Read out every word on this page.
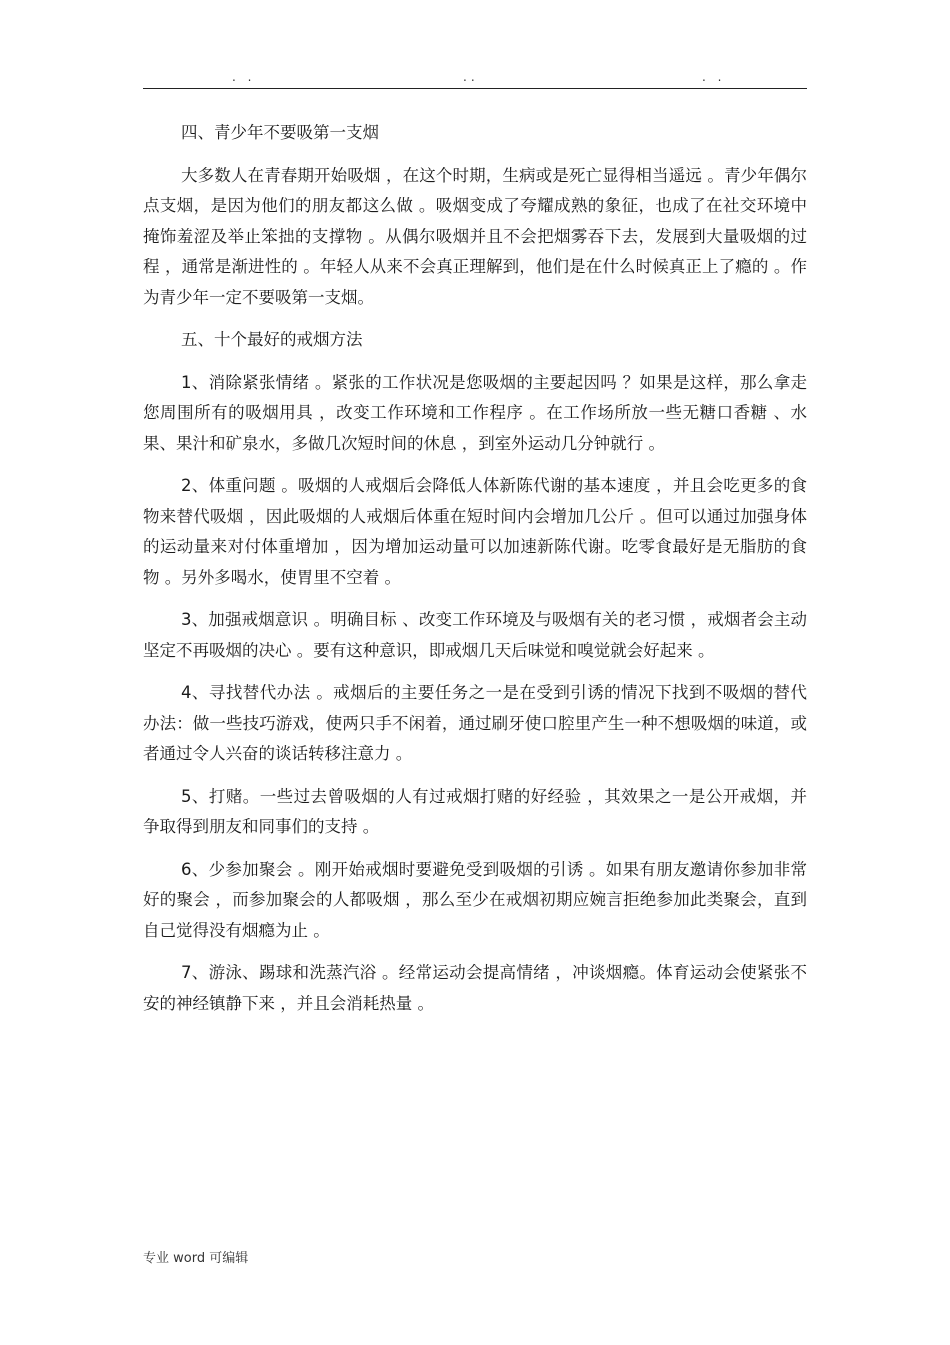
. .	..	. .

四、青少年不要吸第一支烟

大多数人在青春期开始吸烟 ，在这个时期，生病或是死亡显得相当遥远 。青少年偶尔点支烟，是因为他们的朋友都这么做 。吸烟变成了夸耀成熟的象征，也成了在社交环境中掩饰羞涩及举止笨拙的支撑物 。从偶尔吸烟并且不会把烟雾吞下去，发展到大量吸烟的过程 ，通常是渐进性的 。年轻人从来不会真正理解到，他们是在什么时候真正上了瘾的 。作为青少年一定不要吸第一支烟。

五、十个最好的戒烟方法

1、消除紧张情绪 。紧张的工作状况是您吸烟的主要起因吗 ？如果是这样，那么拿走您周围所有的吸烟用具 ，改变工作环境和工作程序 。在工作场所放一些无糖口香糖 、水果、果汁和矿泉水，多做几次短时间的休息 ，到室外运动几分钟就行 。

2、体重问题 。吸烟的人戒烟后会降低人体新陈代谢的基本速度 ，并且会吃更多的食物来替代吸烟 ，因此吸烟的人戒烟后体重在短时间内会增加几公斤 。但可以通过加强身体的运动量来对付体重增加 ，因为增加运动量可以加速新陈代谢。吃零食最好是无脂肪的食物 。另外多喝水，使胃里不空着 。

3、加强戒烟意识 。明确目标 、改变工作环境及与吸烟有关的老习惯 ，戒烟者会主动坚定不再吸烟的决心 。要有这种意识，即戒烟几天后味觉和嗅觉就会好起来 。

4、寻找替代办法 。戒烟后的主要任务之一是在受到引诱的情况下找到不吸烟的替代办法：做一些技巧游戏，使两只手不闲着，通过刷牙使口腔里产生一种不想吸烟的味道，或者通过令人兴奋的谈话转移注意力 。

5、打赌。一些过去曾吸烟的人有过戒烟打赌的好经验 ，其效果之一是公开戒烟，并争取得到朋友和同事们的支持 。

6、少参加聚会 。刚开始戒烟时要避免受到吸烟的引诱 。如果有朋友邀请你参加非常好的聚会 ，而参加聚会的人都吸烟 ，那么至少在戒烟初期应婉言拒绝参加此类聚会，直到自己觉得没有烟瘾为止 。

7、游泳、踢球和洗蒸汽浴 。经常运动会提高情绪 ，冲谈烟瘾。体育运动会使紧张不安的神经镇静下来 ，并且会消耗热量 。

专业 word 可编辑
